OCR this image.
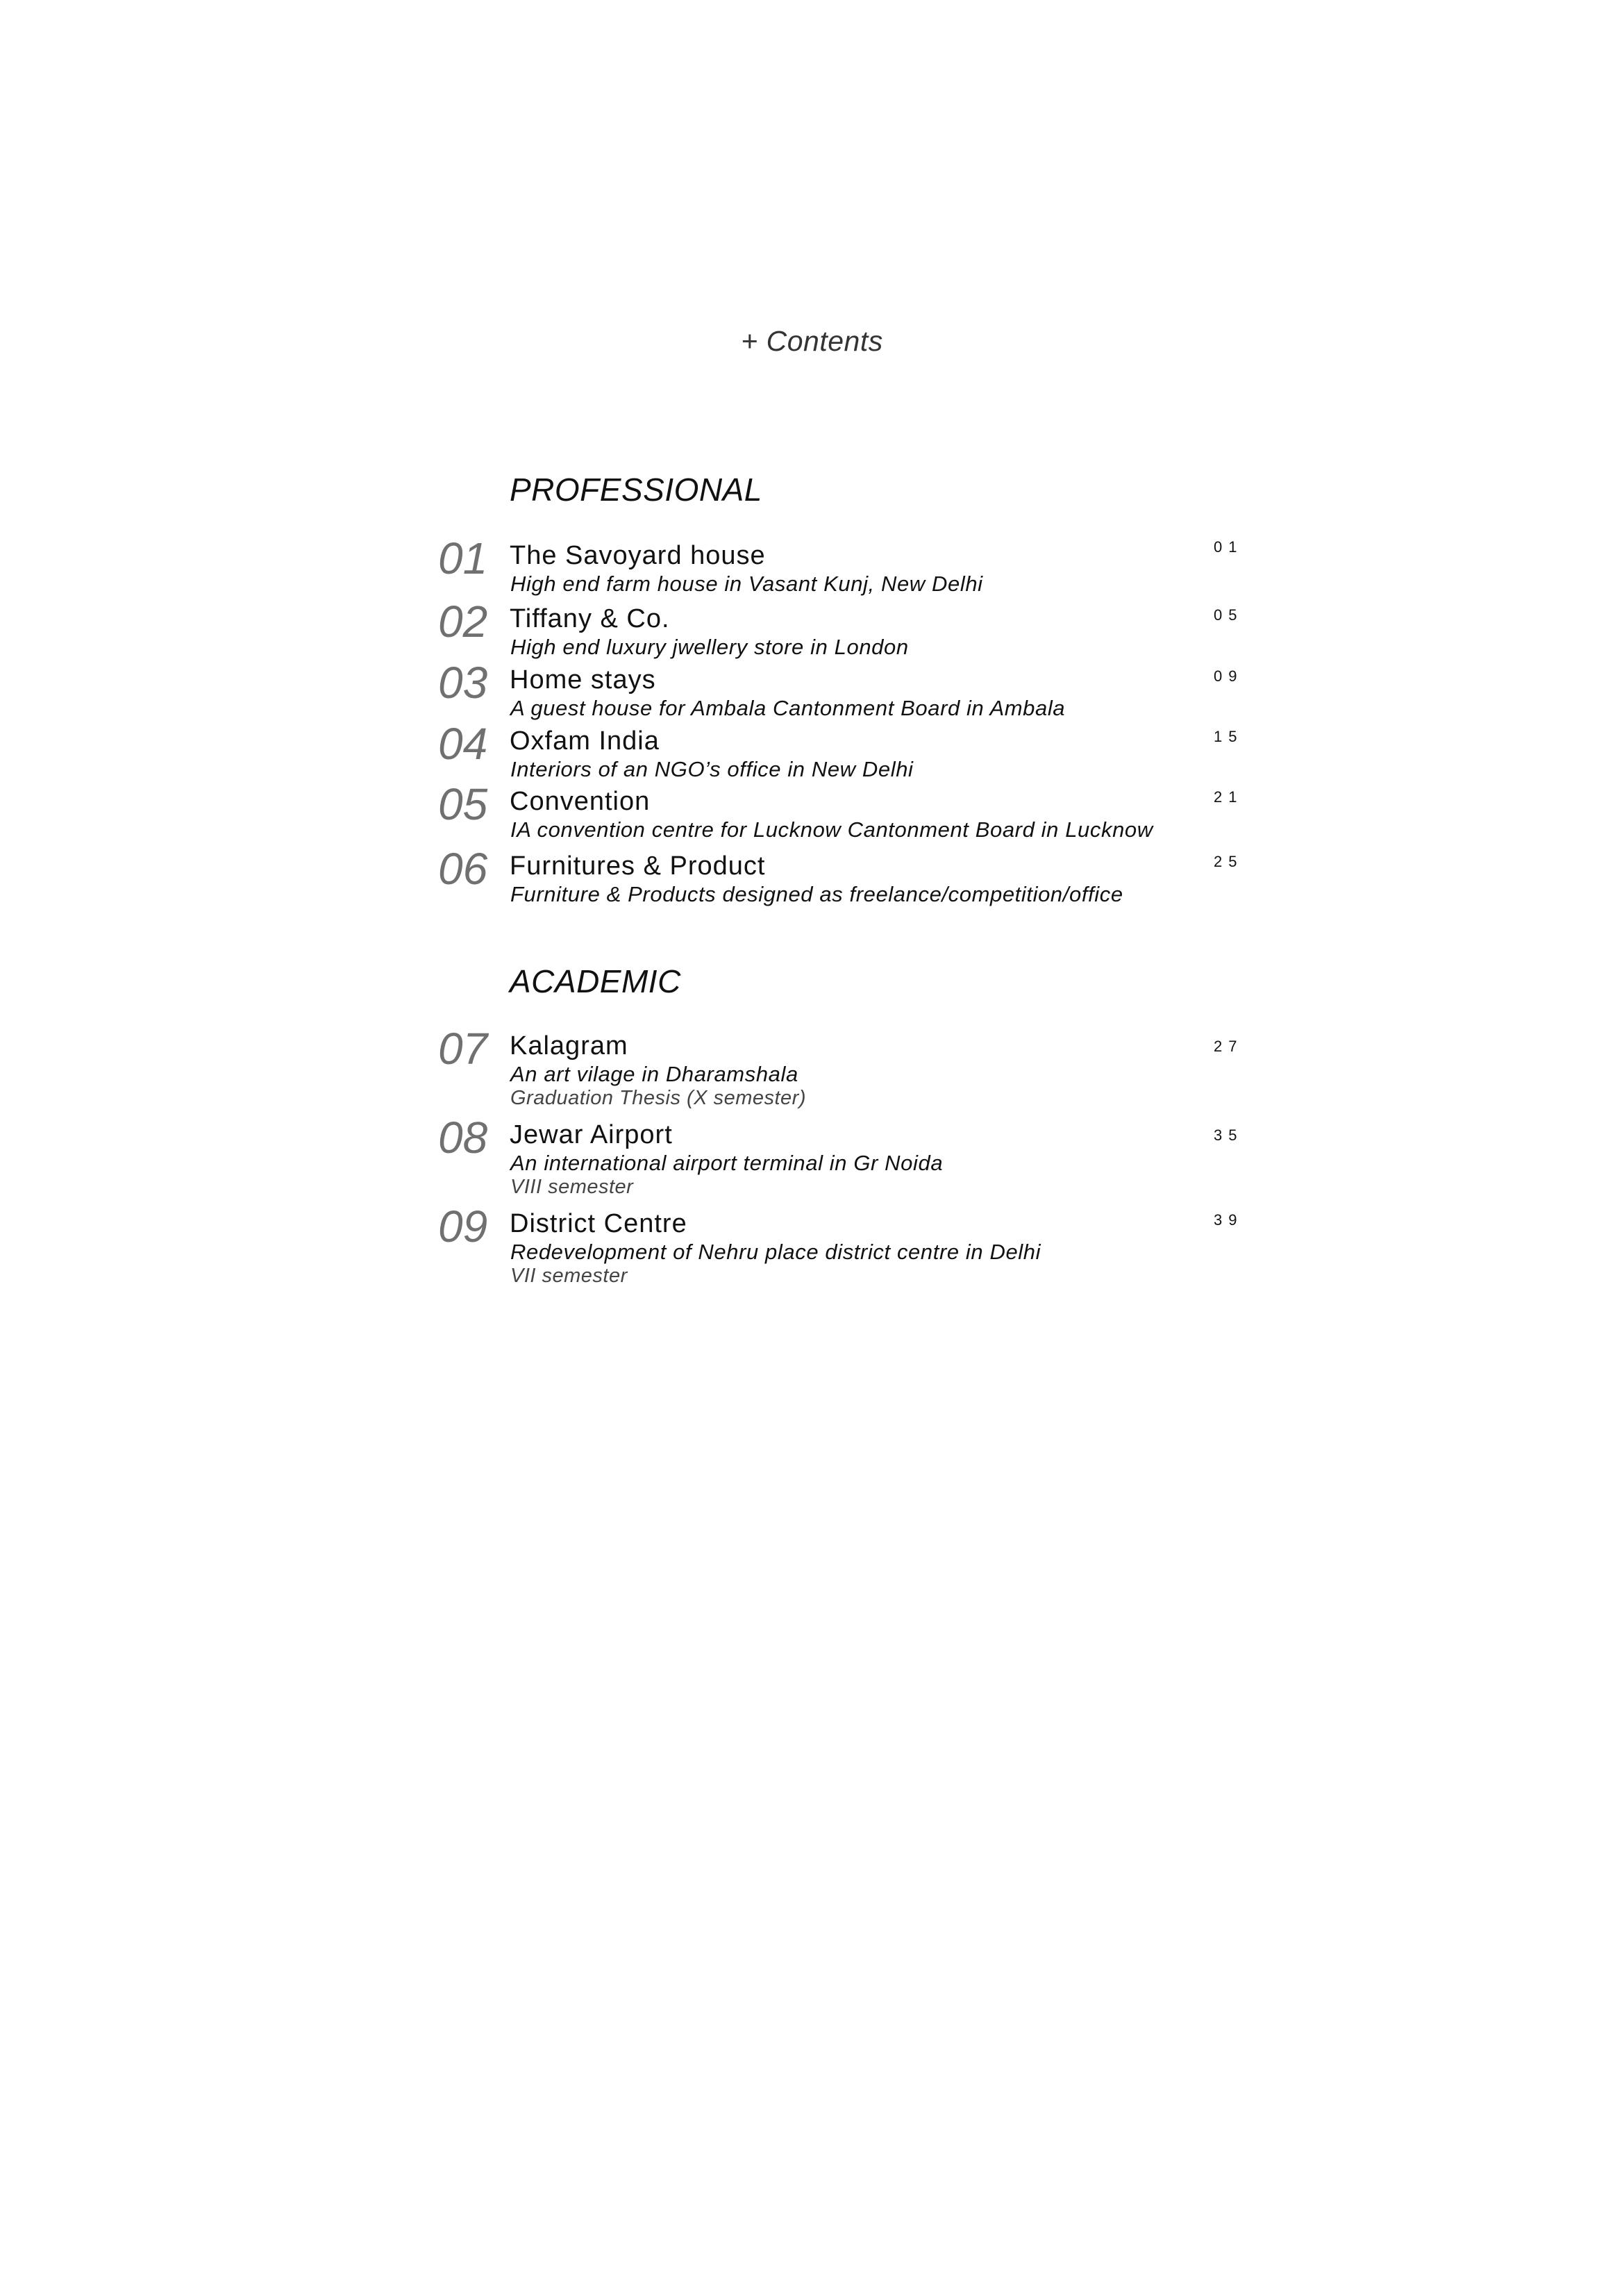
+ Contents
PROFESSIONAL
01 The Savoyard house
High end farm house in Vasant Kunj, New Delhi
01
02 Tiffany & Co.
High end luxury jwellery store in London
05
03 Home stays
A guest house for Ambala Cantonment Board in Ambala
09
04 Oxfam India
Interiors of an NGO’s office in New Delhi
15
05 Convention
IA convention centre for Lucknow Cantonment Board in Lucknow
21
06 Furnitures & Product
Furniture & Products designed as freelance/competition/office
25
ACADEMIC
07 Kalagram
An art vilage in Dharamshala
Graduation Thesis (X semester)
27
08 Jewar Airport
An international airport terminal in Gr Noida
VIII semester
35
09 District Centre
Redevelopment of Nehru place district centre in Delhi
VII semester
39
